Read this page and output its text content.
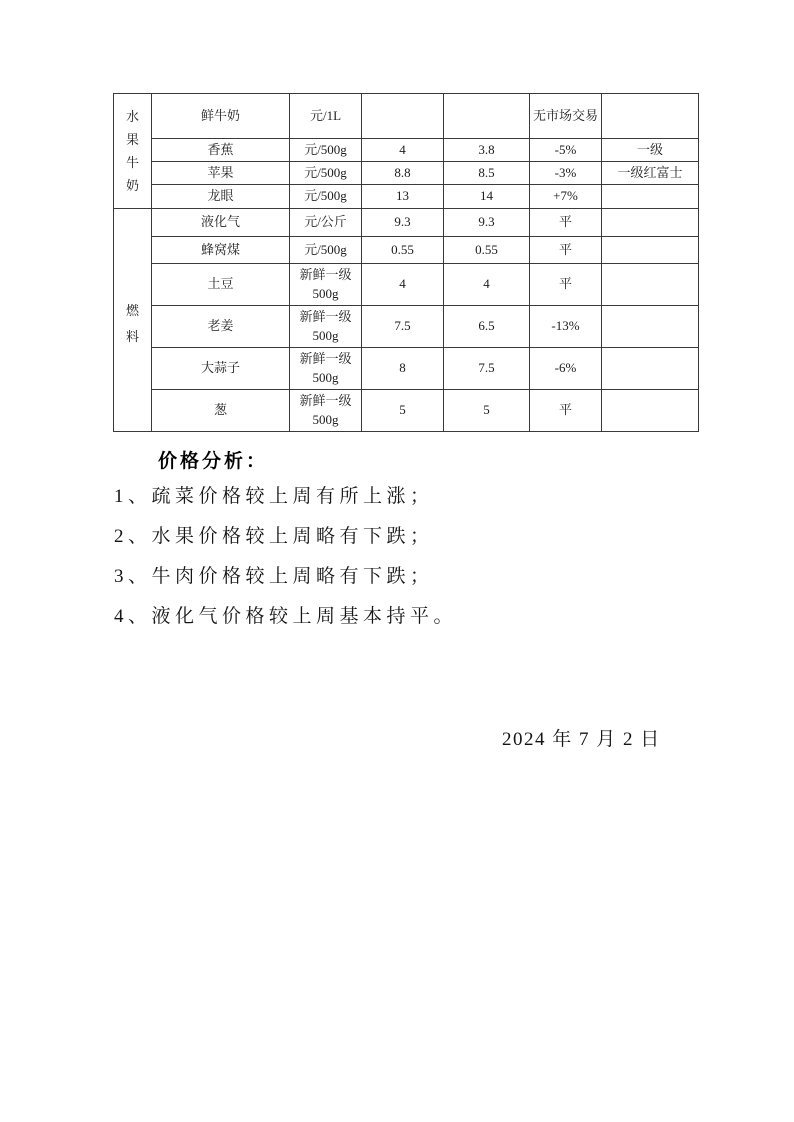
水果牛奶	鲜牛奶	元/1L			无市场交易	
	香蕉	元/500g	4	3.8	-5%	一级
	苹果	元/500g	8.8	8.5	-3%	一级红富士
	龙眼	元/500g	13	14	+7%	

燃料	液化气	元/公斤	9.3	9.3	平	
	蜂窝煤	元/500g	0.55	0.55	平	
	土豆	新鲜一级500g	4	4	平	
	老姜	新鲜一级500g	7.5	6.5	-13%	
	大蒜子	新鲜一级500g	8	7.5	-6%	
	葱	新鲜一级500g	5	5	平	
价格分析：
1、疏菜价格较上周有所上涨；
2、水果价格较上周略有下跌；
3、牛肉价格较上周略有下跌；
4、液化气价格较上周基本持平。
2024 年 7 月 2 日
